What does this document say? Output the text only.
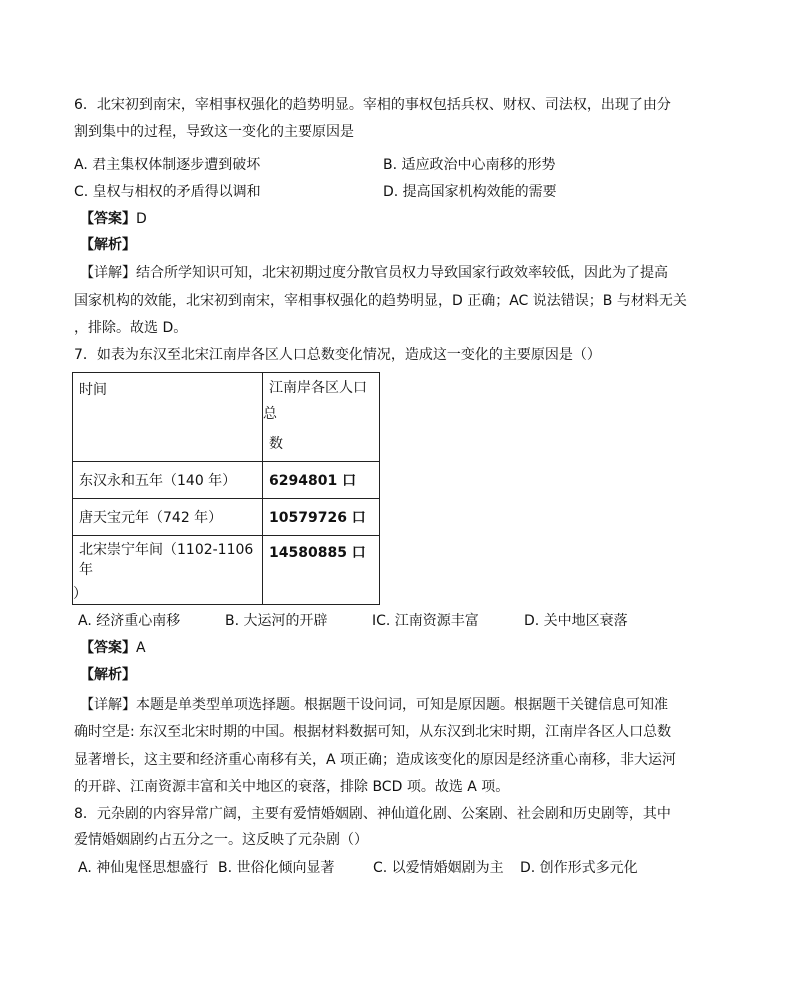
6．北宋初到南宋，宰相事权强化的趋势明显。宰相的事权包括兵权、财权、司法权，出现了由分
割到集中的过程，导致这一变化的主要原因是
A. 君主集权体制逐步遭到破坏	B. 适应政治中心南移的形势
C. 皇权与相权的矛盾得以调和	D. 提高国家机构效能的需要
【答案】D
【解析】
【详解】结合所学知识可知，北宋初期过度分散官员权力导致国家行政效率较低，因此为了提高
国家机构的效能，北宋初到南宋，宰相事权强化的趋势明显，D 正确；AC 说法错误；B 与材料无关
，排除。故选 D。
7．如表为东汉至北宋江南岸各区人口总数变化情况，造成这一变化的主要原因是（）
时间	江南岸各区人口
总
数

东汉永和五年（140 年）	6294801 口
唐天宝元年（742 年）	10579726 口

北宋崇宁年间（1102-1106 年
）	14580885 口
A. 经济重心南移	B. 大运河的开辟	IC. 江南资源丰富	D. 关中地区衰落
【答案】A
【解析】
【详解】本题是单类型单项选择题。根据题干设问词，可知是原因题。根据题干关键信息可知准
确时空是: 东汉至北宋时期的中国。根据材料数据可知，从东汉到北宋时期，江南岸各区人口总数
显著增长，这主要和经济重心南移有关，A 项正确；造成该变化的原因是经济重心南移，非大运河
的开辟、江南资源丰富和关中地区的衰落，排除 BCD 项。故选 A 项。
8．元杂剧的内容异常广阔，主要有爱情婚姻剧、神仙道化剧、公案剧、社会剧和历史剧等，其中
爱情婚姻剧约占五分之一。这反映了元杂剧（）
A. 神仙鬼怪思想盛行 B. 世俗化倾向显著	C. 以爱情婚姻剧为主 D. 创作形式多元化
